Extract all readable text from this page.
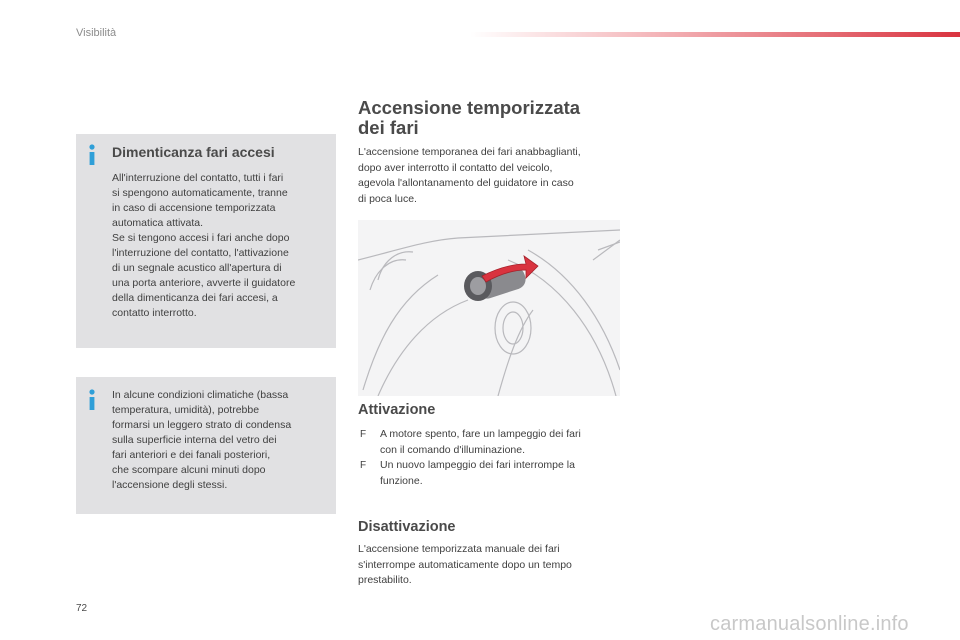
Visibilità
Dimenticanza fari accesi
All'interruzione del contatto, tutti i fari
si spengono automaticamente, tranne
in caso di accensione temporizzata
automatica attivata.
Se si tengono accesi i fari anche dopo
l'interruzione del contatto, l'attivazione
di un segnale acustico all'apertura di
una porta anteriore, avverte il guidatore
della dimenticanza dei fari accesi, a
contatto interrotto.
In alcune condizioni climatiche (bassa
temperatura, umidità), potrebbe
formarsi un leggero strato di condensa
sulla superficie interna del vetro dei
fari anteriori e dei fanali posteriori,
che scompare alcuni minuti dopo
l'accensione degli stessi.
Accensione temporizzata
dei fari
L'accensione temporanea dei fari anabbaglianti,
dopo aver interrotto il contatto del veicolo,
agevola l'allontanamento del guidatore in caso
di poca luce.
Attivazione
F A motore spento, fare un lampeggio dei fari
con il comando d'illuminazione.
F Un nuovo lampeggio dei fari interrompe la
funzione.
Disattivazione
L'accensione temporizzata manuale dei fari
s'interrompe automaticamente dopo un tempo
prestabilito.
72
carmanualsonline.info
